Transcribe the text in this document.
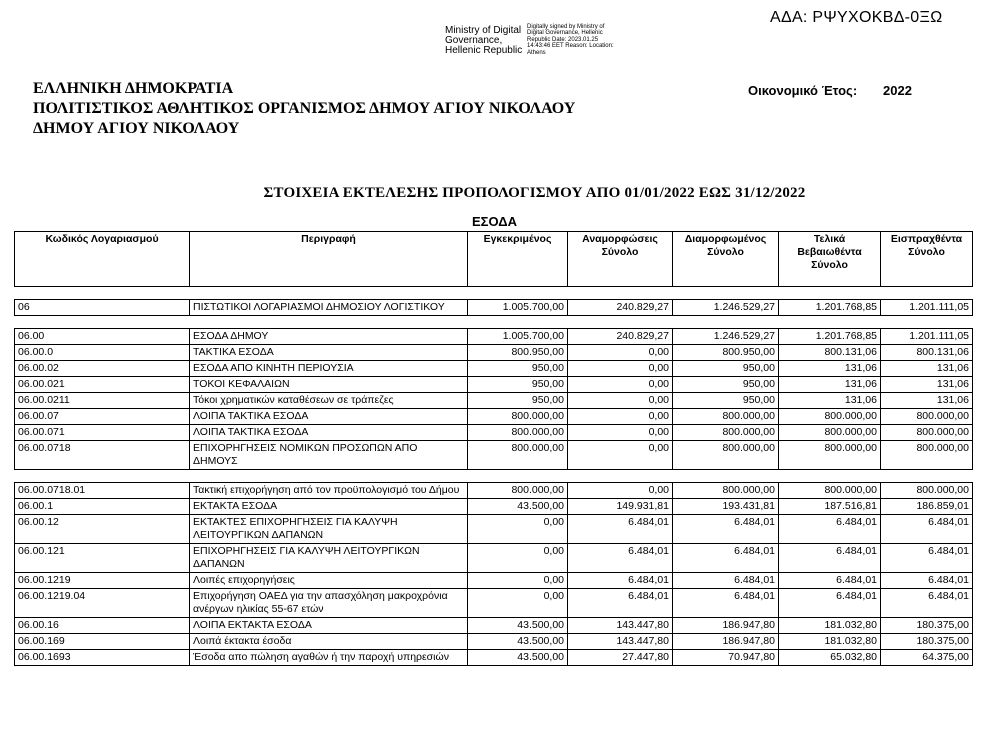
ΑΔΑ: ΡΨΥΧΟΚΒΔ-0ΞΩ
Ministry of Digital Governance, Hellenic Republic
Digitally signed by Ministry of Digital Governance, Hellenic Republic Date: 2023.01.25 14:43:46 EET Reason: Location: Athens
ΕΛΛΗΝΙΚΗ ΔΗΜΟΚΡΑΤΙΑ
ΠΟΛΙΤΙΣΤΙΚΟΣ ΑΘΛΗΤΙΚΟΣ ΟΡΓΑΝΙΣΜΟΣ ΔΗΜΟΥ ΑΓΙΟΥ ΝΙΚΟΛΑΟΥ
ΔΗΜΟΥ ΑΓΙΟΥ ΝΙΚΟΛΑΟΥ
Οικονομικό Έτος: 2022
ΣΤΟΙΧΕΙΑ ΕΚΤΕΛΕΣΗΣ ΠΡΟΠΟΛΟΓΙΣΜΟΥ ΑΠΟ 01/01/2022 ΕΩΣ 31/12/2022
ΕΣΟΔΑ
Κωδικός Λογαριασμού	Περιγραφή	Εγκεκριμένος	Αναμορφώσεις Σύνολο	Διαμορφωμένος Σύνολο	Τελικά Βεβαιωθέντα Σύνολο	Εισπραχθέντα Σύνολο

06	ΠΙΣΤΩΤΙΚΟΙ ΛΟΓΑΡΙΑΣΜΟΙ ΔΗΜΟΣΙΟΥ ΛΟΓΙΣΤΙΚΟΥ	1.005.700,00	240.829,27	1.246.529,27	1.201.768,85	1.201.111,05

06.00	ΕΣΟΔΑ ΔΗΜΟΥ	1.005.700,00	240.829,27	1.246.529,27	1.201.768,85	1.201.111,05
06.00.0	ΤΑΚΤΙΚΑ ΕΣΟΔΑ	800.950,00	0,00	800.950,00	800.131,06	800.131,06
06.00.02	ΕΣΟΔΑ ΑΠΟ ΚΙΝΗΤΗ ΠΕΡΙΟΥΣΙΑ	950,00	0,00	950,00	131,06	131,06
06.00.021	ΤΟΚΟΙ ΚΕΦΑΛΑΙΩΝ	950,00	0,00	950,00	131,06	131,06
06.00.0211	Τόκοι χρηματικών καταθέσεων σε τράπεζες	950,00	0,00	950,00	131,06	131,06
06.00.07	ΛΟΙΠΑ ΤΑΚΤΙΚΑ ΕΣΟΔΑ	800.000,00	0,00	800.000,00	800.000,00	800.000,00
06.00.071	ΛΟΙΠΑ ΤΑΚΤΙΚΑ ΕΣΟΔΑ	800.000,00	0,00	800.000,00	800.000,00	800.000,00
06.00.0718	ΕΠΙΧΟΡΗΓΗΣΕΙΣ ΝΟΜΙΚΩΝ ΠΡΟΣΩΠΩΝ ΑΠΟ ΔΗΜΟΥΣ	800.000,00	0,00	800.000,00	800.000,00	800.000,00

06.00.0718.01	Τακτική επιχορήγηση από τον προϋπολογισμό του Δήμου	800.000,00	0,00	800.000,00	800.000,00	800.000,00
06.00.1	ΕΚΤΑΚΤΑ ΕΣΟΔΑ	43.500,00	149.931,81	193.431,81	187.516,81	186.859,01
06.00.12	ΕΚΤΑΚΤΕΣ ΕΠΙΧΟΡΗΓΗΣΕΙΣ ΓΙΑ ΚΑΛΥΨΗ ΛΕΙΤΟΥΡΓΙΚΩΝ ΔΑΠΑΝΩΝ	0,00	6.484,01	6.484,01	6.484,01	6.484,01
06.00.121	ΕΠΙΧΟΡΗΓΗΣΕΙΣ ΓΙΑ ΚΑΛΥΨΗ ΛΕΙΤΟΥΡΓΙΚΩΝ ΔΑΠΑΝΩΝ	0,00	6.484,01	6.484,01	6.484,01	6.484,01
06.00.1219	Λοιπές επιχορηγήσεις	0,00	6.484,01	6.484,01	6.484,01	6.484,01
06.00.1219.04	Επιχορήγηση ΟΑΕΔ για την απασχόληση μακροχρόνια ανέργων ηλικίας 55-67 ετών	0,00	6.484,01	6.484,01	6.484,01	6.484,01
06.00.16	ΛΟΙΠΑ ΕΚΤΑΚΤΑ ΕΣΟΔΑ	43.500,00	143.447,80	186.947,80	181.032,80	180.375,00
06.00.169	Λοιπά έκτακτα έσοδα	43.500,00	143.447,80	186.947,80	181.032,80	180.375,00
06.00.1693	Έσοδα απο πώληση αγαθών ή την παροχή υπηρεσιών	43.500,00	27.447,80	70.947,80	65.032,80	64.375,00
